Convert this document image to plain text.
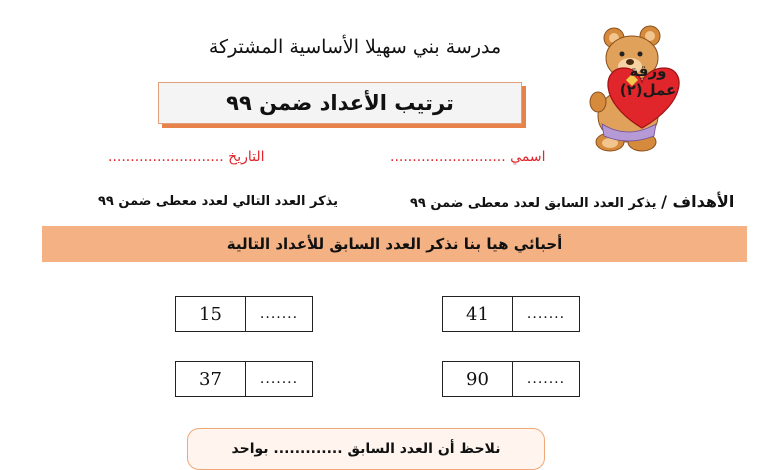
مدرسة بني سهيلا الأساسية المشتركة
ترتيب الأعداد ضمن ٩٩
ورقة
عمل(٢)
اسمي ..........................
التاريخ ..........................
الأهداف / يذكر العدد السابق لعدد معطى ضمن ٩٩
يذكر العدد التالي لعدد معطى ضمن ٩٩
أحبائي هيا بنا نذكر العدد السابق للأعداد التالية
15	.......	41	.......
37	.......	90	.......
نلاحظ أن العدد السابق ............. بواحد
